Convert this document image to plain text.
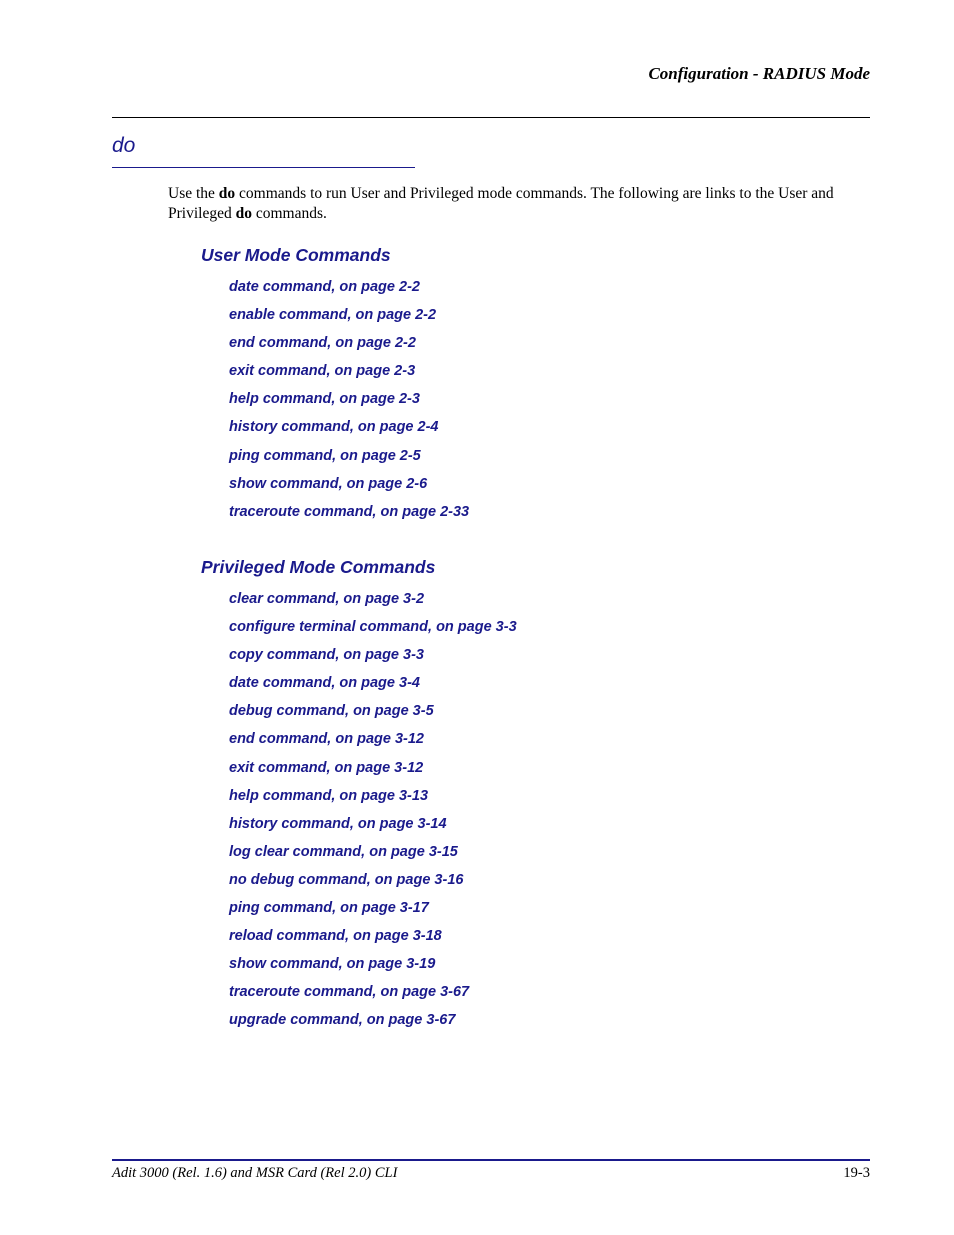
Configuration - RADIUS Mode
do

Use the do commands to run User and Privileged mode commands. The following are links to the User and Privileged do commands.

User Mode Commands
date command, on page 2-2
enable command, on page 2-2
end command, on page 2-2
exit command, on page 2-3
help command, on page 2-3
history command, on page 2-4
ping command, on page 2-5
show command, on page 2-6
traceroute command, on page 2-33
Privileged Mode Commands
clear command, on page 3-2
configure terminal command, on page 3-3
copy command, on page 3-3
date command, on page 3-4
debug command, on page 3-5
end command, on page 3-12
exit command, on page 3-12
help command, on page 3-13
history command, on page 3-14
log clear command, on page 3-15
no debug command, on page 3-16
ping command, on page 3-17
reload command, on page 3-18
show command, on page 3-19
traceroute command, on page 3-67
upgrade command, on page 3-67
Adit 3000 (Rel. 1.6) and MSR Card (Rel 2.0) CLI	19-3
